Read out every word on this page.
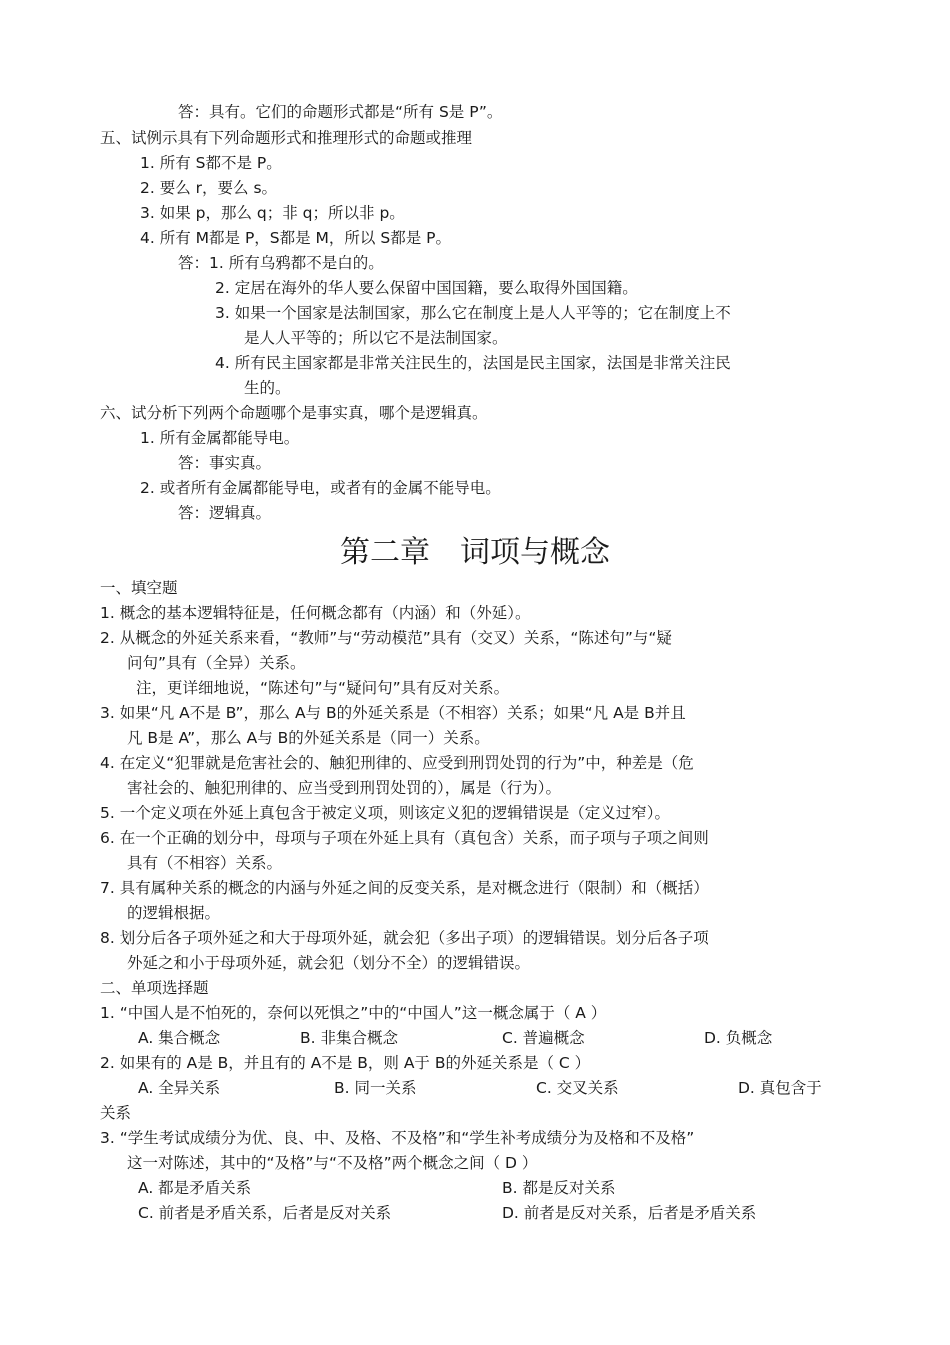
第二章　词项与概念

答：具有。它们的命题形式都是“所有 S是 P”。

五、试例示具有下列命题形式和推理形式的命题或推理

1. 所有 S都不是 P。

2. 要么 r，要么 s。

3. 如果 p，那么 q；非 q；所以非 p。

4. 所有 M都是 P，S都是 M，所以 S都是 P。

答：1. 所有乌鸦都不是白的。

2. 定居在海外的华人要么保留中国国籍，要么取得外国国籍。

3. 如果一个国家是法制国家，那么它在制度上是人人平等的；它在制度上不

是人人平等的；所以它不是法制国家。

4. 所有民主国家都是非常关注民生的，法国是民主国家，法国是非常关注民

生的。

六、试分析下列两个命题哪个是事实真，哪个是逻辑真。

1. 所有金属都能导电。

答：事实真。

2. 或者所有金属都能导电，或者有的金属不能导电。

答：逻辑真。

一、填空题

1. 概念的基本逻辑特征是，任何概念都有（内涵）和（外延）。

2. 从概念的外延关系来看，“教师”与“劳动模范”具有（交叉）关系，“陈述句”与“疑

问句”具有（全异）关系。

注，更详细地说，“陈述句”与“疑问句”具有反对关系。

3. 如果“凡 A不是 B”，那么 A与 B的外延关系是（不相容）关系；如果“凡 A是 B并且

凡 B是 A”，那么 A与 B的外延关系是（同一）关系。

4. 在定义“犯罪就是危害社会的、触犯刑律的、应受到刑罚处罚的行为”中，种差是（危

害社会的、触犯刑律的、应当受到刑罚处罚的），属是（行为）。

5. 一个定义项在外延上真包含于被定义项，则该定义犯的逻辑错误是（定义过窄）。

6. 在一个正确的划分中，母项与子项在外延上具有（真包含）关系，而子项与子项之间则

具有（不相容）关系。

7. 具有属种关系的概念的内涵与外延之间的反变关系，是对概念进行（限制）和（概括）

的逻辑根据。

8. 划分后各子项外延之和大于母项外延，就会犯（多出子项）的逻辑错误。划分后各子项

外延之和小于母项外延，就会犯（划分不全）的逻辑错误。

二、单项选择题

1. “中国人是不怕死的，奈何以死惧之”中的“中国人”这一概念属于（ A ）

A. 集合概念	B. 非集合概念	C. 普遍概念	D. 负概念

2. 如果有的 A是 B，并且有的 A不是 B，则 A于 B的外延关系是（ C ）

A. 全异关系	B. 同一关系	C. 交叉关系	D. 真包含于

关系

3. “学生考试成绩分为优、良、中、及格、不及格”和“学生补考成绩分为及格和不及格”

这一对陈述，其中的“及格”与“不及格”两个概念之间（ D ）

A. 都是矛盾关系	B. 都是反对关系

C. 前者是矛盾关系，后者是反对关系	D. 前者是反对关系，后者是矛盾关系
